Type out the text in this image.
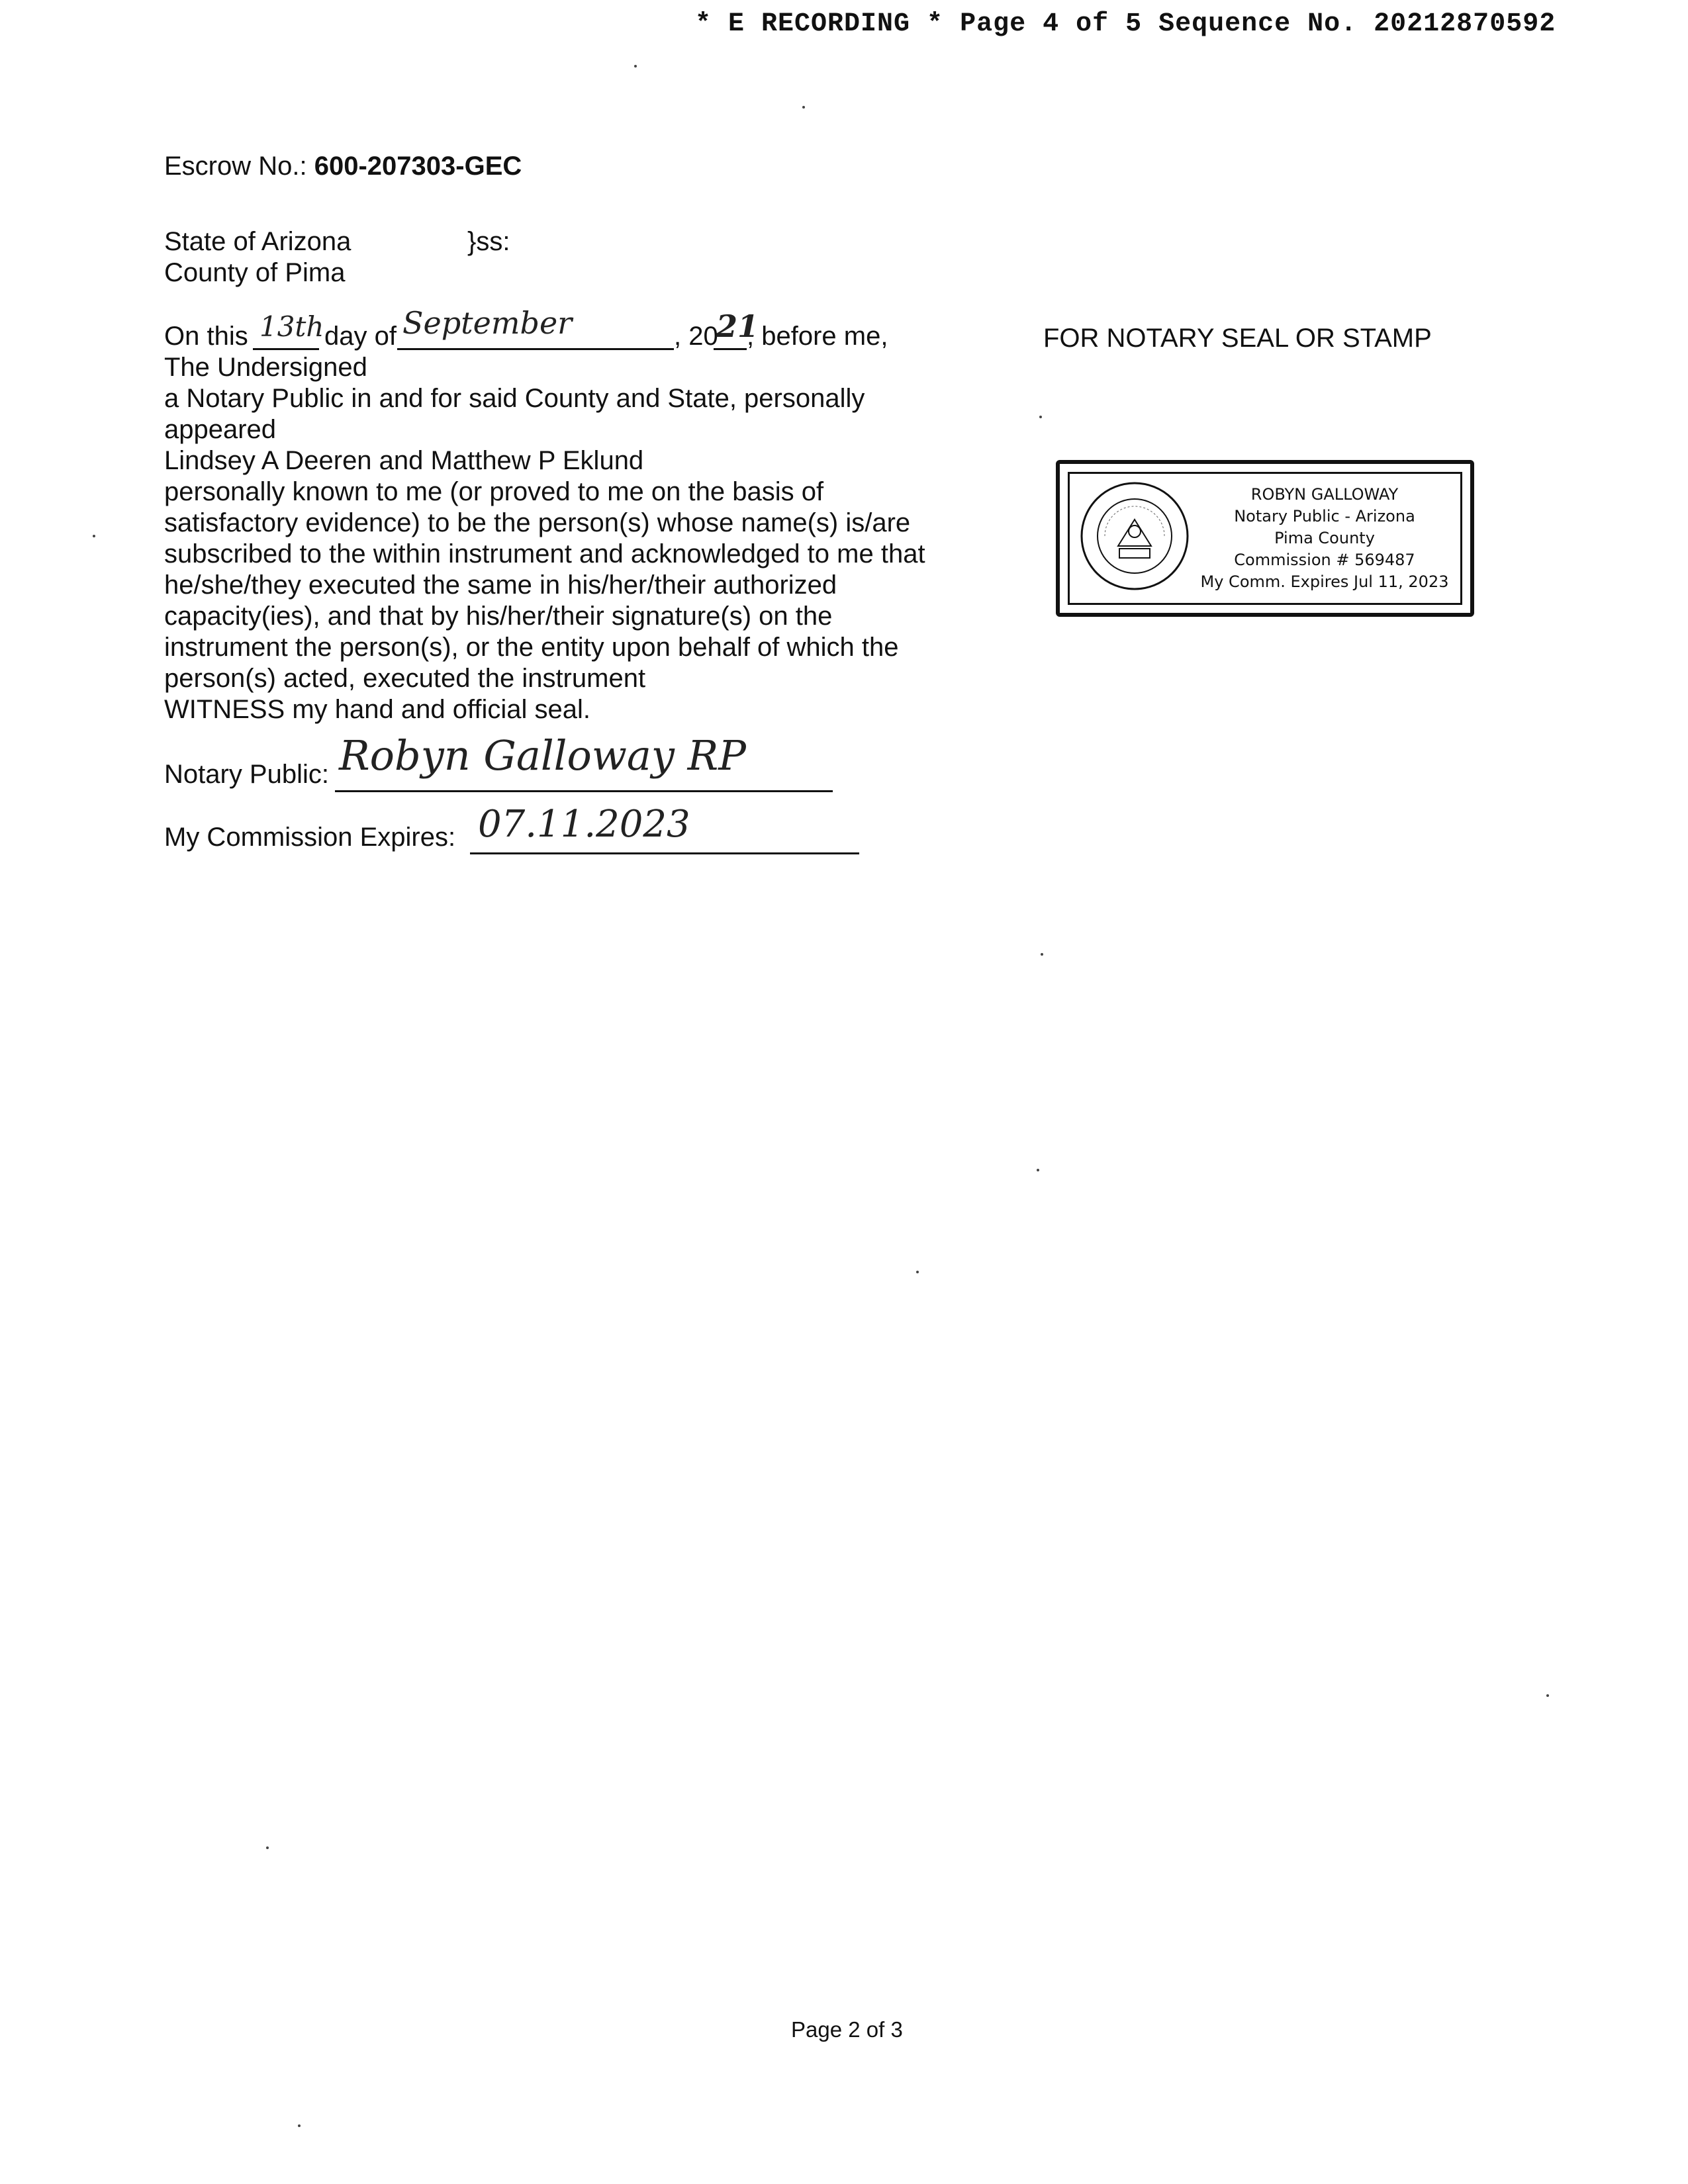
* E RECORDING * Page 4 of 5 Sequence No. 20212870592
Escrow No.: 600-207303-GEC
State of Arizona	}ss:
County of Pima
On this 13th day of September	, 20
21
, before me,
The Undersigned
a Notary Public in and for said County and State, personally
appeared
Lindsey A Deeren and Matthew P Eklund
personally known to me (or proved to me on the basis of
satisfactory evidence) to be the person(s) whose name(s) is/are
subscribed to the within instrument and acknowledged to me that
he/she/they executed the same in his/her/their authorized
capacity(ies), and that by his/her/their signature(s) on the
instrument the person(s), or the entity upon behalf of which the
person(s) acted, executed the instrument
WITNESS my hand and official seal.
Notary Public: Robyn Galloway RP
My Commission Expires: 07.11.2023
FOR NOTARY SEAL OR STAMP
ROBYN GALLOWAY
Notary Public - Arizona
Pima County
Commission # 569487
My Comm. Expires Jul 11, 2023
Page 2 of 3
